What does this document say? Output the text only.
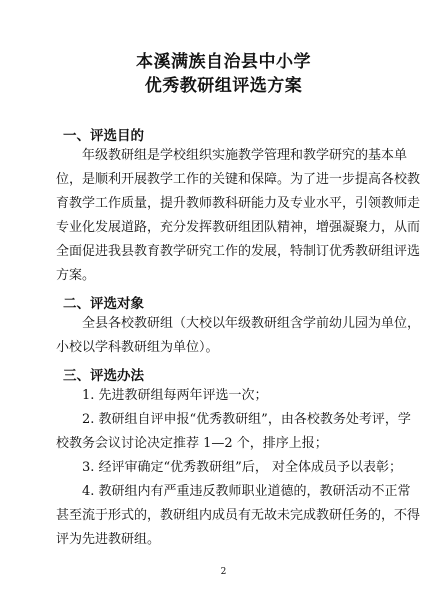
本溪满族自治县中小学
优秀教研组评选方案
一、评选目的
年级教研组是学校组织实施教学管理和教学研究的基本单
位，是顺利开展教学工作的关键和保障。为了进一步提高各校教
育教学工作质量，提升教师教科研能力及专业水平，引领教师走
专业化发展道路，充分发挥教研组团队精神，增强凝聚力，从而
全面促进我县教育教学研究工作的发展，特制订优秀教研组评选
方案。
二、评选对象
全县各校教研组（大校以年级教研组含学前幼儿园为单位，
小校以学科教研组为单位）。
三、评选办法
1. 先进教研组每两年评选一次；
2. 教研组自评申报“优秀教研组”，由各校教务处考评，学
校教务会议讨论决定推荐 1—2 个，排序上报；
3. 经评审确定“优秀教研组”后， 对全体成员予以表彰；
4. 教研组内有严重违反教师职业道德的，教研活动不正常
甚至流于形式的，教研组内成员有无故未完成教研任务的，不得
评为先进教研组。
2
